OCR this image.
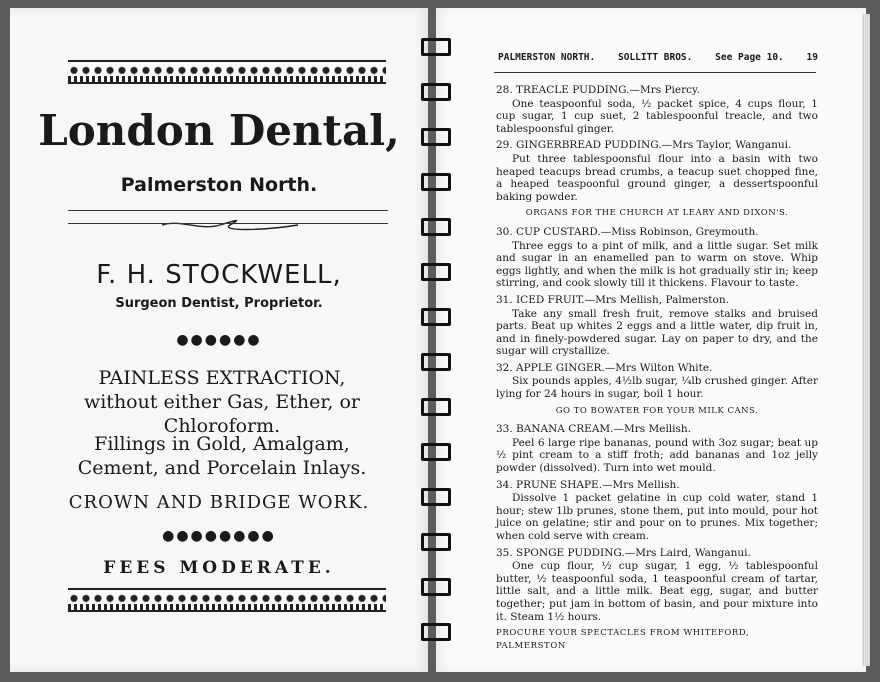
London Dental,
Palmerston North.
F. H. STOCKWELL,
Surgeon Dentist, Proprietor.
●●●●●●
PAINLESS EXTRACTION, without either Gas, Ether, or Chloroform.
Fillings in Gold, Amalgam, Cement, and Porcelain Inlays.
CROWN AND BRIDGE WORK.
●●●●●●●●
FEES MODERATE.
PALMERSTON NORTH. SOLLITT BROS. See Page 10. 19
28. TREACLE PUDDING.—Mrs Piercy.
One teaspoonful soda, ½ packet spice, 4 cups flour, 1 cup sugar, 1 cup suet, 2 tablespoonful treacle, and two tablespoonsful ginger.
29. GINGERBREAD PUDDING.—Mrs Taylor, Wanganui.
Put three tablespoonsful flour into a basin with two heaped teacups bread crumbs, a teacup suet chopped fine, a heaped teaspoonful ground ginger, a dessertspoonful baking powder.
ORGANS FOR THE CHURCH AT LEARY AND DIXON'S.
30. CUP CUSTARD.—Miss Robinson, Greymouth.
Three eggs to a pint of milk, and a little sugar. Set milk and sugar in an enamelled pan to warm on stove. Whip eggs lightly, and when the milk is hot gradually stir in; keep stirring, and cook slowly till it thickens. Flavour to taste.
31. ICED FRUIT.—Mrs Mellish, Palmerston.
Take any small fresh fruit, remove stalks and bruised parts. Beat up whites 2 eggs and a little water, dip fruit in, and in finely-powdered sugar. Lay on paper to dry, and the sugar will crystallize.
32. APPLE GINGER.—Mrs Wilton White.
Six pounds apples, 4½lb sugar, ¼lb crushed ginger. After lying for 24 hours in sugar, boil 1 hour.
GO TO BOWATER FOR YOUR MILK CANS.
33. BANANA CREAM.—Mrs Mellish.
Peel 6 large ripe bananas, pound with 3oz sugar; beat up ½ pint cream to a stiff froth; add bananas and 1oz jelly powder (dissolved). Turn into wet mould.
34. PRUNE SHAPE.—Mrs Mellish.
Dissolve 1 packet gelatine in cup cold water, stand 1 hour; stew 1lb prunes, stone them, put into mould, pour hot juice on gelatine; stir and pour on to prunes. Mix together; when cold serve with cream.
35. SPONGE PUDDING.—Mrs Laird, Wanganui.
One cup flour, ½ cup sugar, 1 egg, ½ tablespoonful butter, ½ teaspoonful soda, 1 teaspoonful cream of tartar, little salt, and a little milk. Beat egg, sugar, and butter together; put jam in bottom of basin, and pour mixture into it. Steam 1½ hours.
PROCURE YOUR SPECTACLES FROM WHITEFORD, PALMERSTON
